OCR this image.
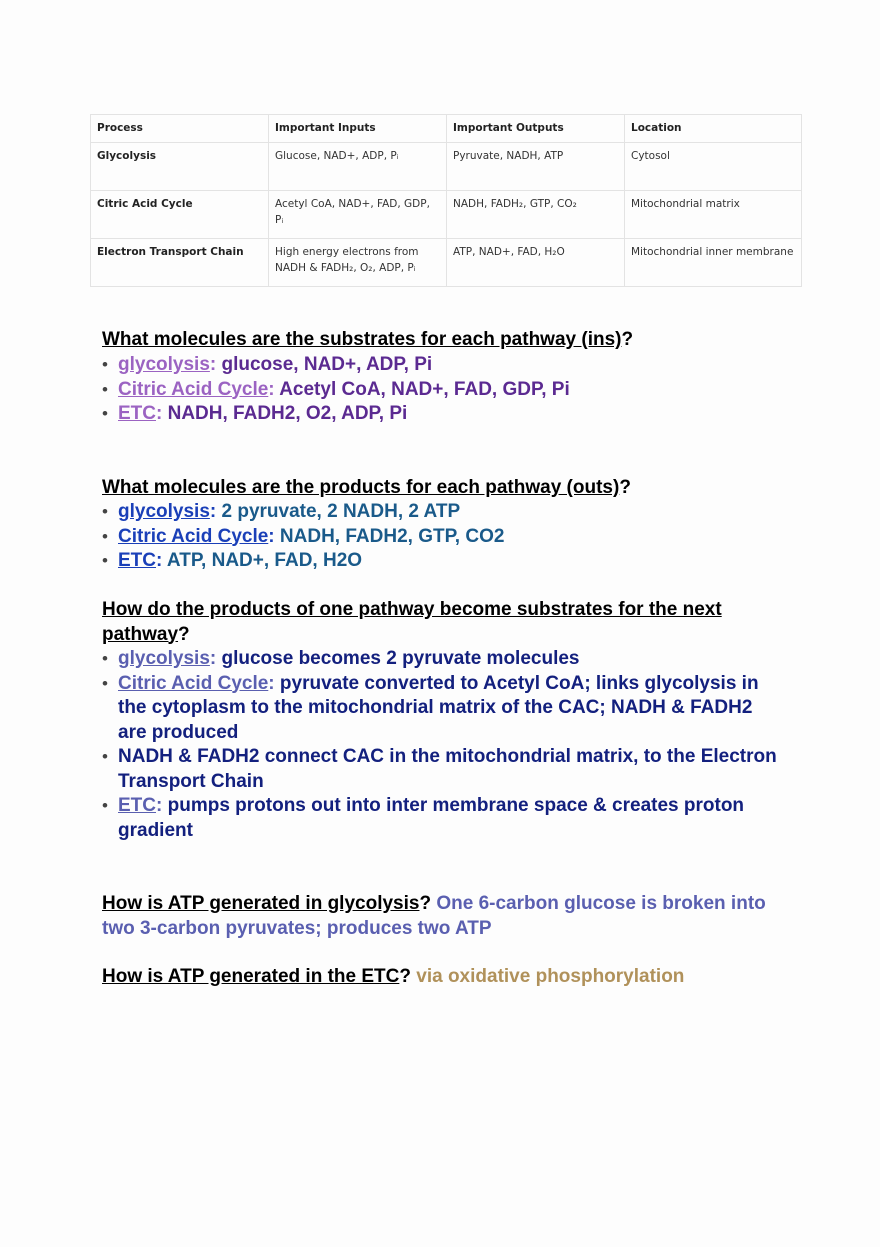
Process	Important Inputs	Important Outputs	Location
Glycolysis	Glucose, NAD+, ADP, Pᵢ	Pyruvate, NADH, ATP	Cytosol
Citric Acid Cycle	Acetyl CoA, NAD+, FAD, GDP, Pᵢ	NADH, FADH₂, GTP, CO₂	Mitochondrial matrix
Electron Transport Chain	High energy electrons from NADH & FADH₂, O₂, ADP, Pᵢ	ATP, NAD+, FAD, H₂O	Mitochondrial inner membrane
What molecules are the substrates for each pathway (ins)?
• glycolysis: glucose, NAD+, ADP, Pi
• Citric Acid Cycle: Acetyl CoA, NAD+, FAD, GDP, Pi
• ETC: NADH, FADH2, O2, ADP, Pi
What molecules are the products for each pathway (outs)?
• glycolysis: 2 pyruvate, 2 NADH, 2 ATP
• Citric Acid Cycle: NADH, FADH2, GTP, CO2
• ETC: ATP, NAD+, FAD, H2O
How do the products of one pathway become substrates for the next pathway?
• glycolysis: glucose becomes 2 pyruvate molecules
• Citric Acid Cycle: pyruvate converted to Acetyl CoA; links glycolysis in the cytoplasm to the mitochondrial matrix of the CAC; NADH & FADH2 are produced
• NADH & FADH2 connect CAC in the mitochondrial matrix, to the Electron Transport Chain
• ETC: pumps protons out into inter membrane space & creates proton gradient
How is ATP generated in glycolysis? One 6-carbon glucose is broken into two 3-carbon pyruvates; produces two ATP
How is ATP generated in the ETC? via oxidative phosphorylation
